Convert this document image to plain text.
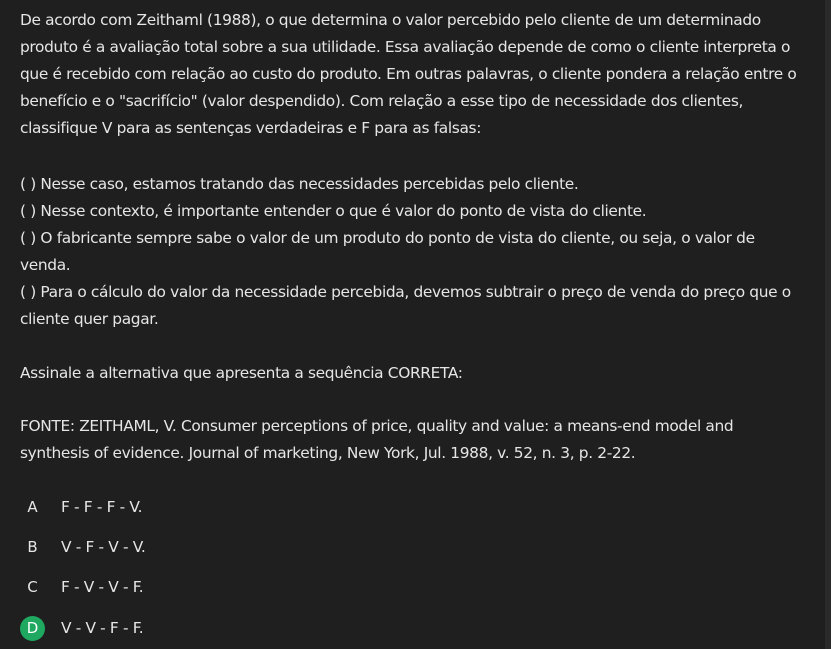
De acordo com Zeithaml (1988), o que determina o valor percebido pelo cliente de um determinado
produto é a avaliação total sobre a sua utilidade. Essa avaliação depende de como o cliente interpreta o
que é recebido com relação ao custo do produto. Em outras palavras, o cliente pondera a relação entre o
benefício e o "sacrifício" (valor despendido). Com relação a esse tipo de necessidade dos clientes,
classifique V para as sentenças verdadeiras e F para as falsas:
( ) Nesse caso, estamos tratando das necessidades percebidas pelo cliente.
( ) Nesse contexto, é importante entender o que é valor do ponto de vista do cliente.
( ) O fabricante sempre sabe o valor de um produto do ponto de vista do cliente, ou seja, o valor de
venda.
( ) Para o cálculo do valor da necessidade percebida, devemos subtrair o preço de venda do preço que o
cliente quer pagar.
Assinale a alternativa que apresenta a sequência CORRETA:
FONTE: ZEITHAML, V. Consumer perceptions of price, quality and value: a means-end model and
synthesis of evidence. Journal of marketing, New York, Jul. 1988, v. 52, n. 3, p. 2-22.
A	F - F - F - V.
B	V - F - V - V.
C	F - V - V - F.
D	V - V - F - F.
